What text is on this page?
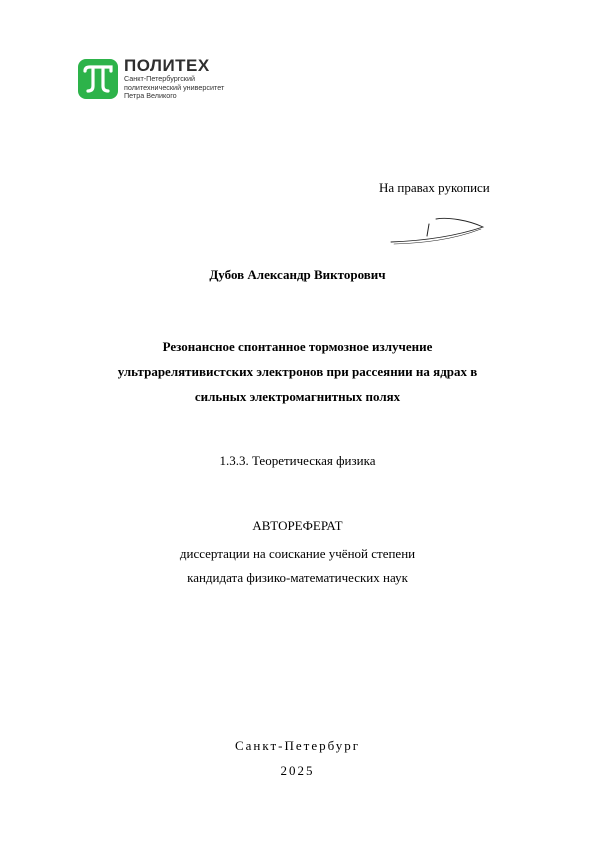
ПОЛИТЕХ
Санкт-Петербургский
политехнический университет
Петра Великого
На правах рукописи
Дубов Александр Викторович
Резонансное спонтанное тормозное излучение
ультрарелятивистских электронов при рассеянии на ядрах в
сильных электромагнитных полях
1.3.3. Теоретическая физика
АВТОРЕФЕРАТ
диссертации на соискание учёной степени
кандидата физико-математических наук
Санкт-Петербург
2025
